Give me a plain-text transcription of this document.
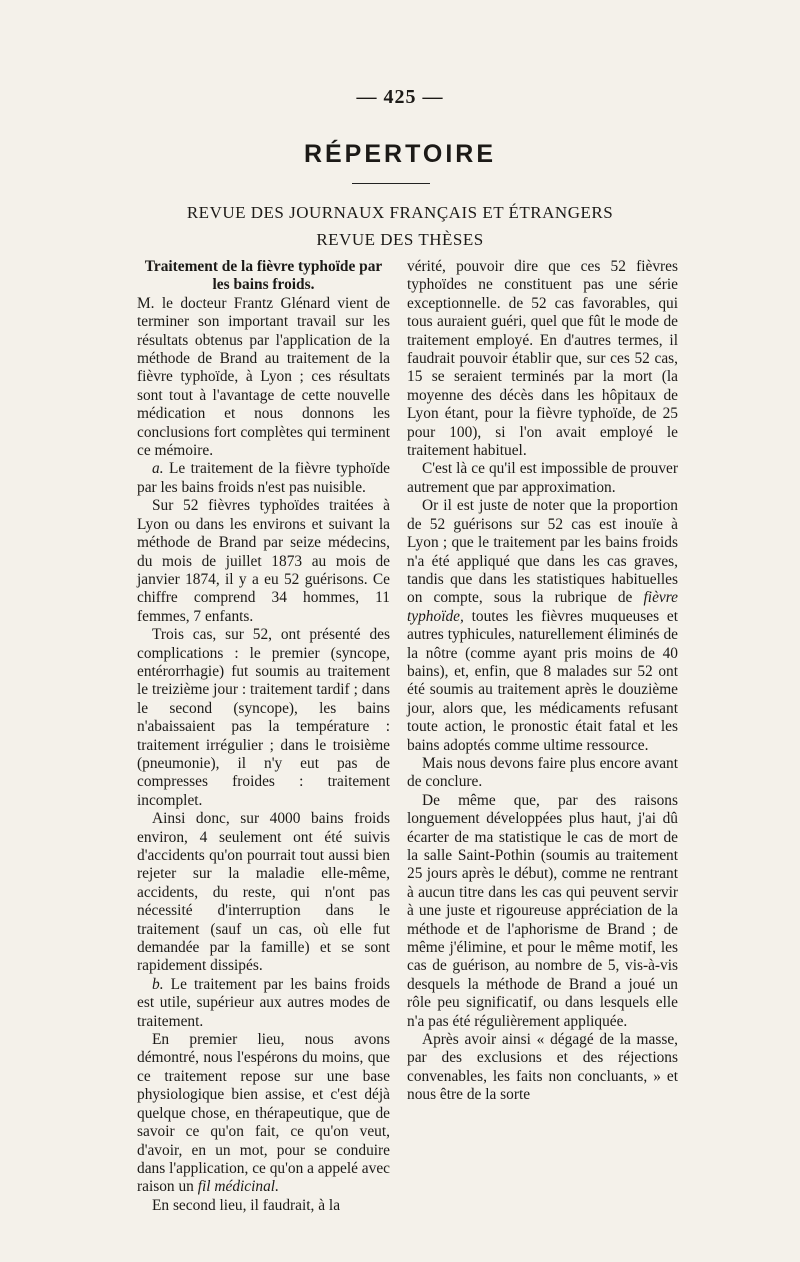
— 425 —
RÉPERTOIRE
REVUE DES JOURNAUX FRANÇAIS ET ÉTRANGERS
REVUE DES THÈSES
Traitement de la fièvre typhoïde par les bains froids.

M. le docteur Frantz Glénard vient de terminer son important travail sur les résultats obtenus par l'application de la méthode de Brand au traitement de la fièvre typhoïde, à Lyon ; ces résultats sont tout à l'avantage de cette nouvelle médication et nous donnons les conclusions fort complètes qui terminent ce mémoire.

a. Le traitement de la fièvre typhoïde par les bains froids n'est pas nuisible.

Sur 52 fièvres typhoïdes traitées à Lyon ou dans les environs et suivant la méthode de Brand par seize médecins, du mois de juillet 1873 au mois de janvier 1874, il y a eu 52 guérisons. Ce chiffre comprend 34 hommes, 11 femmes, 7 enfants.

Trois cas, sur 52, ont présenté des complications : le premier (syncope, entérorrhagie) fut soumis au traitement le treizième jour : traitement tardif ; dans le second (syncope), les bains n'abaissaient pas la température : traitement irrégulier ; dans le troisième (pneumonie), il n'y eut pas de compresses froides : traitement incomplet.

Ainsi donc, sur 4000 bains froids environ, 4 seulement ont été suivis d'accidents qu'on pourrait tout aussi bien rejeter sur la maladie elle-même, accidents, du reste, qui n'ont pas nécessité d'interruption dans le traitement (sauf un cas, où elle fut demandée par la famille) et se sont rapidement dissipés.

b. Le traitement par les bains froids est utile, supérieur aux autres modes de traitement.

En premier lieu, nous avons démontré, nous l'espérons du moins, que ce traitement repose sur une base physiologique bien assise, et c'est déjà quelque chose, en thérapeutique, que de savoir ce qu'on fait, ce qu'on veut, d'avoir, en un mot, pour se conduire dans l'application, ce qu'on a appelé avec raison un fil médicinal.

En second lieu, il faudrait, à la

vérité, pouvoir dire que ces 52 fièvres typhoïdes ne constituent pas une série exceptionnelle. de 52 cas favorables, qui tous auraient guéri, quel que fût le mode de traitement employé. En d'autres termes, il faudrait pouvoir établir que, sur ces 52 cas, 15 se seraient terminés par la mort (la moyenne des décès dans les hôpitaux de Lyon étant, pour la fièvre typhoïde, de 25 pour 100), si l'on avait employé le traitement habituel.

C'est là ce qu'il est impossible de prouver autrement que par approximation.

Or il est juste de noter que la proportion de 52 guérisons sur 52 cas est inouïe à Lyon ; que le traitement par les bains froids n'a été appliqué que dans les cas graves, tandis que dans les statistiques habituelles on compte, sous la rubrique de fièvre typhoïde, toutes les fièvres muqueuses et autres typhicules, naturellement éliminés de la nôtre (comme ayant pris moins de 40 bains), et, enfin, que 8 malades sur 52 ont été soumis au traitement après le douzième jour, alors que, les médicaments refusant toute action, le pronostic était fatal et les bains adoptés comme ultime ressource.

Mais nous devons faire plus encore avant de conclure.

De même que, par des raisons longuement développées plus haut, j'ai dû écarter de ma statistique le cas de mort de la salle Saint-Pothin (soumis au traitement 25 jours après le début), comme ne rentrant à aucun titre dans les cas qui peuvent servir à une juste et rigoureuse appréciation de la méthode et de l'aphorisme de Brand ; de même j'élimine, et pour le même motif, les cas de guérison, au nombre de 5, vis-à-vis desquels la méthode de Brand a joué un rôle peu significatif, ou dans lesquels elle n'a pas été régulièrement appliquée.

Après avoir ainsi « dégagé de la masse, par des exclusions et des réjections convenables, les faits non concluants, » et nous être de la sorte
